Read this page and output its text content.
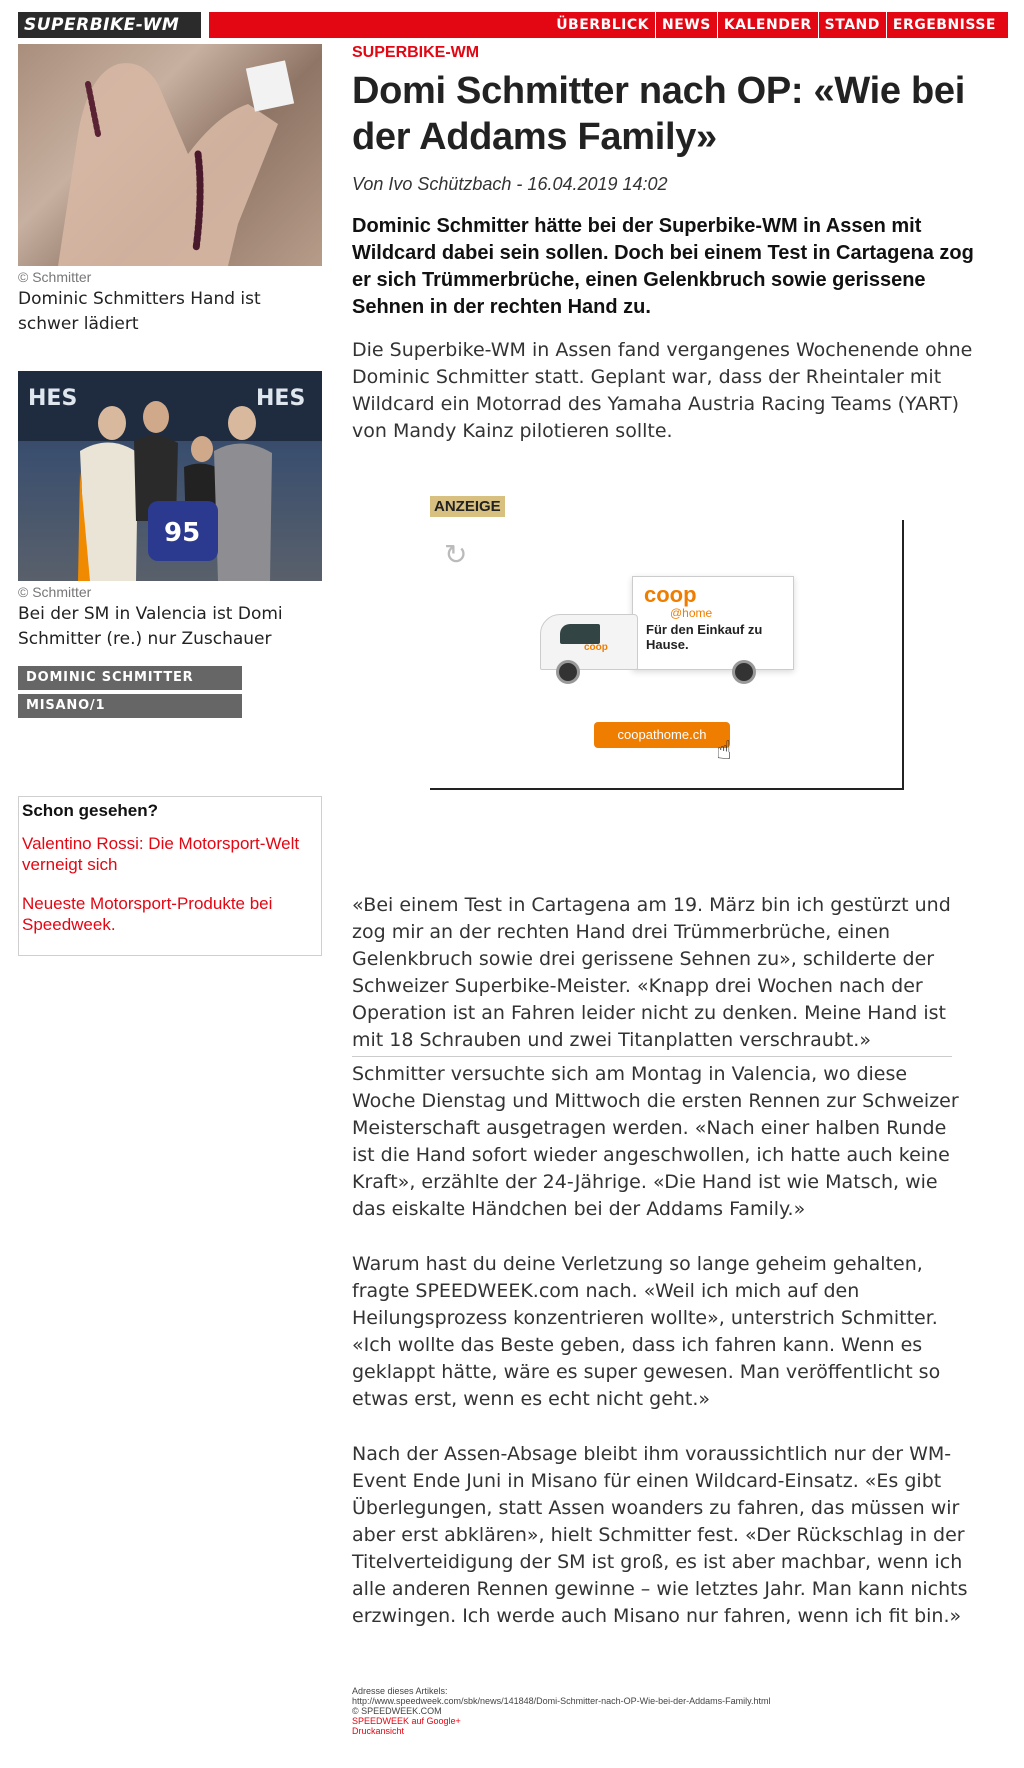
SUPERBIKE-WM	ÜBERBLICK NEWS KALENDER STAND ERGEBNISSE
© Schmitter
Dominic Schmitters Hand ist schwer lädiert
HES	HES
95
© Schmitter
Bei der SM in Valencia ist Domi Schmitter (re.) nur Zuschauer
DOMINIC SCHMITTER
MISANO/1
Schon gesehen?
Valentino Rossi: Die Motorsport-Welt verneigt sich
Neueste Motorsport-Produkte bei Speedweek.
SUPERBIKE-WM
Domi Schmitter nach OP: «Wie bei der Addams Family»
Von Ivo Schützbach - 16.04.2019 14:02
Dominic Schmitter hätte bei der Superbike-WM in Assen mit Wildcard dabei sein sollen. Doch bei einem Test in Cartagena zog er sich Trümmerbrüche, einen Gelenkbruch sowie gerissene Sehnen in der rechten Hand zu.

Die Superbike-WM in Assen fand vergangenes Wochenende ohne Dominic Schmitter statt. Geplant war, dass der Rheintaler mit Wildcard ein Motorrad des Yamaha Austria Racing Teams (YART) von Mandy Kainz pilotieren sollte.

ANZEIGE
↻
coop
coop
@home
Für den Einkauf zu Hause.
coopathome.ch
☝

«Bei einem Test in Cartagena am 19. März bin ich gestürzt und zog mir an der rechten Hand drei Trümmerbrüche, einen Gelenkbruch sowie drei gerissene Sehnen zu», schilderte der Schweizer Superbike-Meister. «Knapp drei Wochen nach der Operation ist an Fahren leider nicht zu denken. Meine Hand ist mit 18 Schrauben und zwei Titanplatten verschraubt.»

Schmitter versuchte sich am Montag in Valencia, wo diese Woche Dienstag und Mittwoch die ersten Rennen zur Schweizer Meisterschaft ausgetragen werden. «Nach einer halben Runde ist die Hand sofort wieder angeschwollen, ich hatte auch keine Kraft», erzählte der 24-Jährige. «Die Hand ist wie Matsch, wie das eiskalte Händchen bei der Addams Family.»

Warum hast du deine Verletzung so lange geheim gehalten, fragte SPEEDWEEK.com nach. «Weil ich mich auf den Heilungsprozess konzentrieren wollte», unterstrich Schmitter. «Ich wollte das Beste geben, dass ich fahren kann. Wenn es geklappt hätte, wäre es super gewesen. Man veröffentlicht so etwas erst, wenn es echt nicht geht.»

Nach der Assen-Absage bleibt ihm voraussichtlich nur der WM-Event Ende Juni in Misano für einen Wildcard-Einsatz. «Es gibt Überlegungen, statt Assen woanders zu fahren, das müssen wir aber erst abklären», hielt Schmitter fest. «Der Rückschlag in der Titelverteidigung der SM ist groß, es ist aber machbar, wenn ich alle anderen Rennen gewinne – wie letztes Jahr. Man kann nichts erzwingen. Ich werde auch Misano nur fahren, wenn ich fit bin.»

Adresse dieses Artikels:
http://www.speedweek.com/sbk/news/141848/Domi-Schmitter-nach-OP-Wie-bei-der-Addams-Family.html
© SPEEDWEEK.COM
SPEEDWEEK auf Google+
Druckansicht
